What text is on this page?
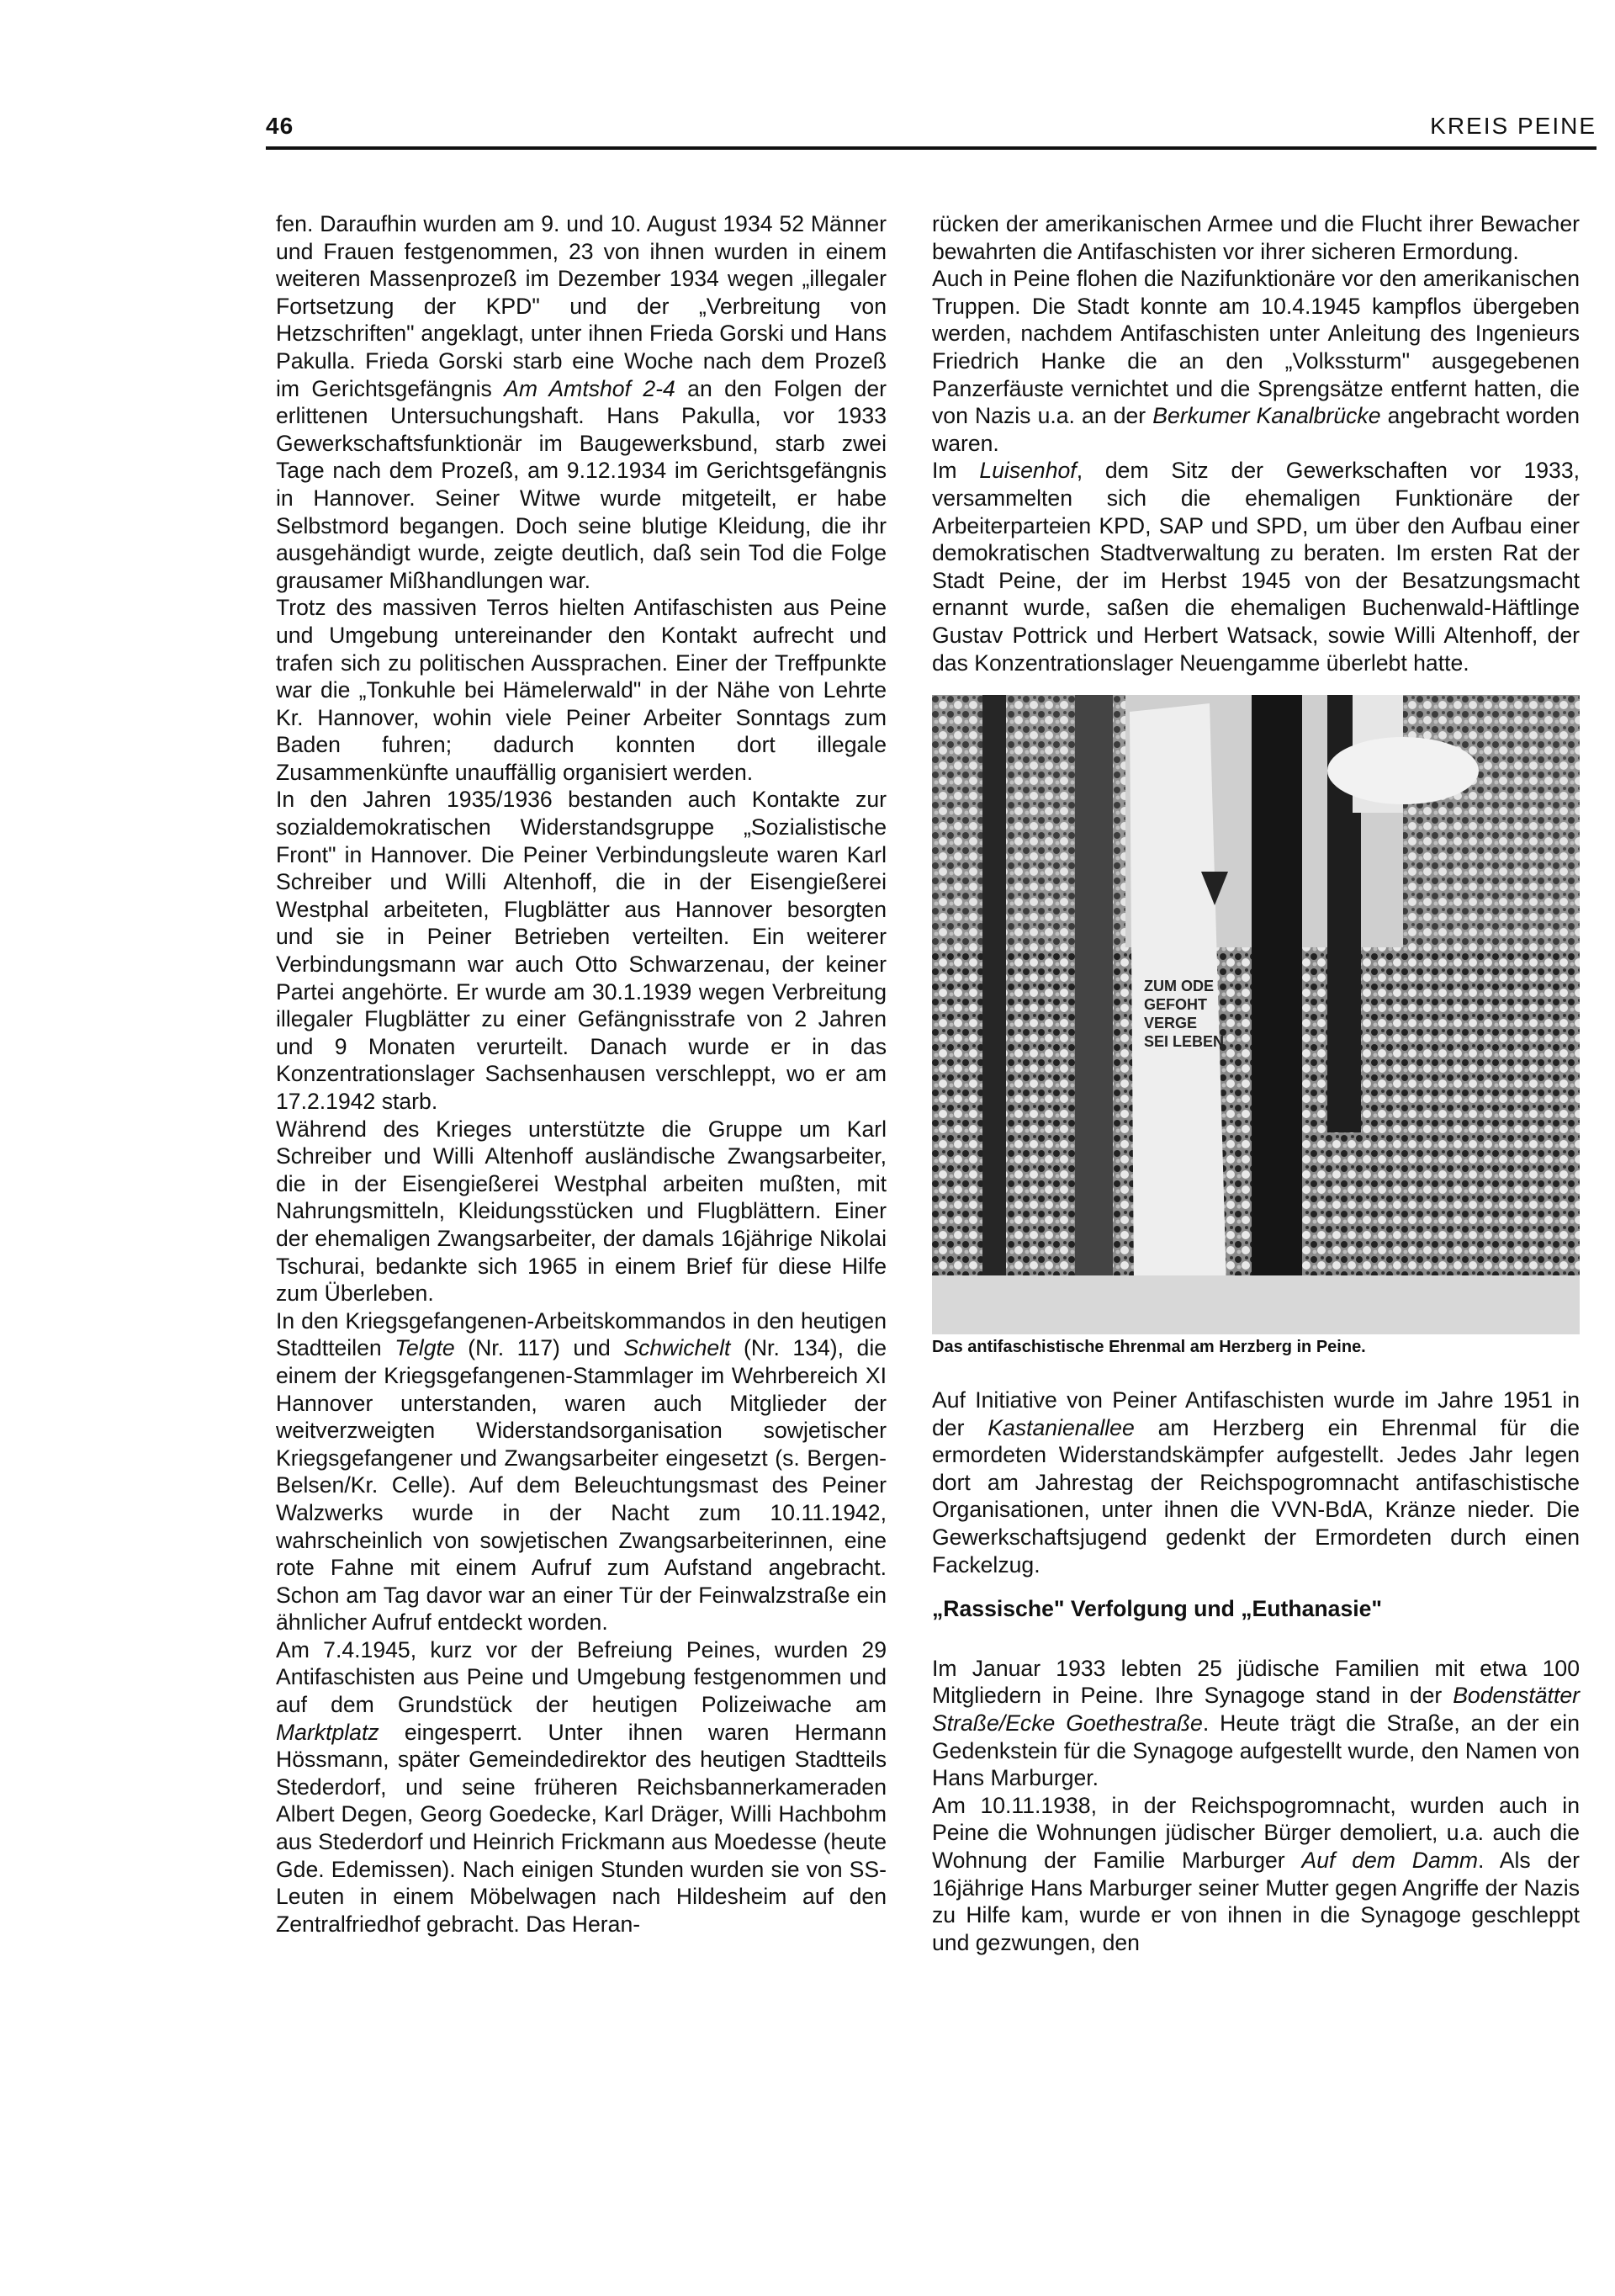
46	KREIS PEINE

fen. Daraufhin wurden am 9. und 10. August 1934 52 Männer und Frauen festgenommen, 23 von ihnen wurden in einem weiteren Massenprozeß im Dezember 1934 wegen „illegaler Fortsetzung der KPD" und der „Verbreitung von Hetzschriften" angeklagt, unter ihnen Frieda Gorski und Hans Pakulla. Frieda Gorski starb eine Woche nach dem Prozeß im Gerichtsgefängnis Am Amtshof 2-4 an den Folgen der erlittenen Untersuchungshaft. Hans Pakulla, vor 1933 Gewerkschaftsfunktionär im Baugewerksbund, starb zwei Tage nach dem Prozeß, am 9.12.1934 im Gerichtsgefängnis in Hannover. Seiner Witwe wurde mitgeteilt, er habe Selbstmord begangen. Doch seine blutige Kleidung, die ihr ausgehändigt wurde, zeigte deutlich, daß sein Tod die Folge grausamer Mißhandlungen war.

Trotz des massiven Terros hielten Antifaschisten aus Peine und Umgebung untereinander den Kontakt aufrecht und trafen sich zu politischen Aussprachen. Einer der Treffpunkte war die „Tonkuhle bei Hämelerwald" in der Nähe von Lehrte Kr. Hannover, wohin viele Peiner Arbeiter Sonntags zum Baden fuhren; dadurch konnten dort illegale Zusammenkünfte unauffällig organisiert werden.

In den Jahren 1935/1936 bestanden auch Kontakte zur sozialdemokratischen Widerstandsgruppe „Sozialistische Front" in Hannover. Die Peiner Verbindungsleute waren Karl Schreiber und Willi Altenhoff, die in der Eisengießerei Westphal arbeiteten, Flugblätter aus Hannover besorgten und sie in Peiner Betrieben verteilten. Ein weiterer Verbindungsmann war auch Otto Schwarzenau, der keiner Partei angehörte. Er wurde am 30.1.1939 wegen Verbreitung illegaler Flugblätter zu einer Gefängnisstrafe von 2 Jahren und 9 Monaten verurteilt. Danach wurde er in das Konzentrationslager Sachsenhausen verschleppt, wo er am 17.2.1942 starb.

Während des Krieges unterstützte die Gruppe um Karl Schreiber und Willi Altenhoff ausländische Zwangsarbeiter, die in der Eisengießerei Westphal arbeiten mußten, mit Nahrungsmitteln, Kleidungsstücken und Flugblättern. Einer der ehemaligen Zwangsarbeiter, der damals 16jährige Nikolai Tschurai, bedankte sich 1965 in einem Brief für diese Hilfe zum Überleben.

In den Kriegsgefangenen-Arbeitskommandos in den heutigen Stadtteilen Telgte (Nr. 117) und Schwichelt (Nr. 134), die einem der Kriegsgefangenen-Stammlager im Wehrbereich XI Hannover unterstanden, waren auch Mitglieder der weitverzweigten Widerstandsorganisation sowjetischer Kriegsgefangener und Zwangsarbeiter eingesetzt (s. Bergen-Belsen/Kr. Celle). Auf dem Beleuchtungsmast des Peiner Walzwerks wurde in der Nacht zum 10.11.1942, wahrscheinlich von sowjetischen Zwangsarbeiterinnen, eine rote Fahne mit einem Aufruf zum Aufstand angebracht. Schon am Tag davor war an einer Tür der Feinwalzstraße ein ähnlicher Aufruf entdeckt worden.

Am 7.4.1945, kurz vor der Befreiung Peines, wurden 29 Antifaschisten aus Peine und Umgebung festgenommen und auf dem Grundstück der heutigen Polizeiwache am Marktplatz eingesperrt. Unter ihnen waren Hermann Hössmann, später Gemeindedirektor des heutigen Stadtteils Stederdorf, und seine früheren Reichsbannerkameraden Albert Degen, Georg Goedecke, Karl Dräger, Willi Hachbohm aus Stederdorf und Heinrich Frickmann aus Moedesse (heute Gde. Edemissen). Nach einigen Stunden wurden sie von SS-Leuten in einem Möbelwagen nach Hildesheim auf den Zentralfriedhof gebracht. Das Heran-

rücken der amerikanischen Armee und die Flucht ihrer Bewacher bewahrten die Antifaschisten vor ihrer sicheren Ermordung.

Auch in Peine flohen die Nazifunktionäre vor den amerikanischen Truppen. Die Stadt konnte am 10.4.1945 kampflos übergeben werden, nachdem Antifaschisten unter Anleitung des Ingenieurs Friedrich Hanke die an den „Volkssturm" ausgegebenen Panzerfäuste vernichtet und die Sprengsätze entfernt hatten, die von Nazis u.a. an der Berkumer Kanalbrücke angebracht worden waren.

Im Luisenhof, dem Sitz der Gewerkschaften vor 1933, versammelten sich die ehemaligen Funktionäre der Arbeiterparteien KPD, SAP und SPD, um über den Aufbau einer demokratischen Stadtverwaltung zu beraten. Im ersten Rat der Stadt Peine, der im Herbst 1945 von der Besatzungsmacht ernannt wurde, saßen die ehemaligen Buchenwald-Häftlinge Gustav Pottrick und Herbert Watsack, sowie Willi Altenhoff, der das Konzentrationslager Neuengamme überlebt hatte.

ZUM ODE
GEFOHT
VERGE
SEI LEBEN
Das antifaschistische Ehrenmal am Herzberg in Peine.

Auf Initiative von Peiner Antifaschisten wurde im Jahre 1951 in der Kastanienallee am Herzberg ein Ehrenmal für die ermordeten Widerstandskämpfer aufgestellt. Jedes Jahr legen dort am Jahrestag der Reichspogromnacht antifaschistische Organisationen, unter ihnen die VVN-BdA, Kränze nieder. Die Gewerkschaftsjugend gedenkt der Ermordeten durch einen Fackelzug.

„Rassische" Verfolgung und „Euthanasie"

Im Januar 1933 lebten 25 jüdische Familien mit etwa 100 Mitgliedern in Peine. Ihre Synagoge stand in der Bodenstätter Straße/Ecke Goethestraße. Heute trägt die Straße, an der ein Gedenkstein für die Synagoge aufgestellt wurde, den Namen von Hans Marburger.

Am 10.11.1938, in der Reichspogromnacht, wurden auch in Peine die Wohnungen jüdischer Bürger demoliert, u.a. auch die Wohnung der Familie Marburger Auf dem Damm. Als der 16jährige Hans Marburger seiner Mutter gegen Angriffe der Nazis zu Hilfe kam, wurde er von ihnen in die Synagoge geschleppt und gezwungen, den
